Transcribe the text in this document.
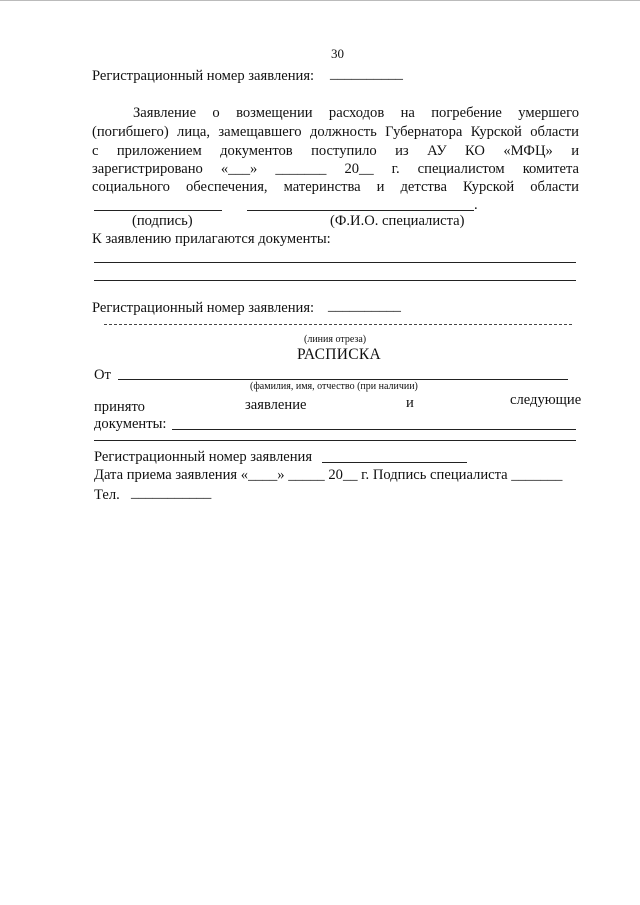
30
Регистрационный номер заявления: __________
Заявление о возмещении расходов на погребение умершего
(погибшего) лица, замещавшего должность Губернатора Курской области
с приложением документов поступило из АУ КО «МФЦ» и
зарегистрировано «___» _______ 20__ г. специалистом комитета
социального обеспечения, материнства и детства Курской области
.
(подпись)	(Ф.И.О. специалиста)
К заявлению прилагаются документы:
Регистрационный номер заявления: __________
(линия отреза)
РАСПИСКА
От
(фамилия, имя, отчество (при наличии)
принято	заявление	и	следующие
документы:
Регистрационный номер заявления
Дата приема заявления «____» _____ 20__ г. Подпись специалиста _______
Тел. ___________
